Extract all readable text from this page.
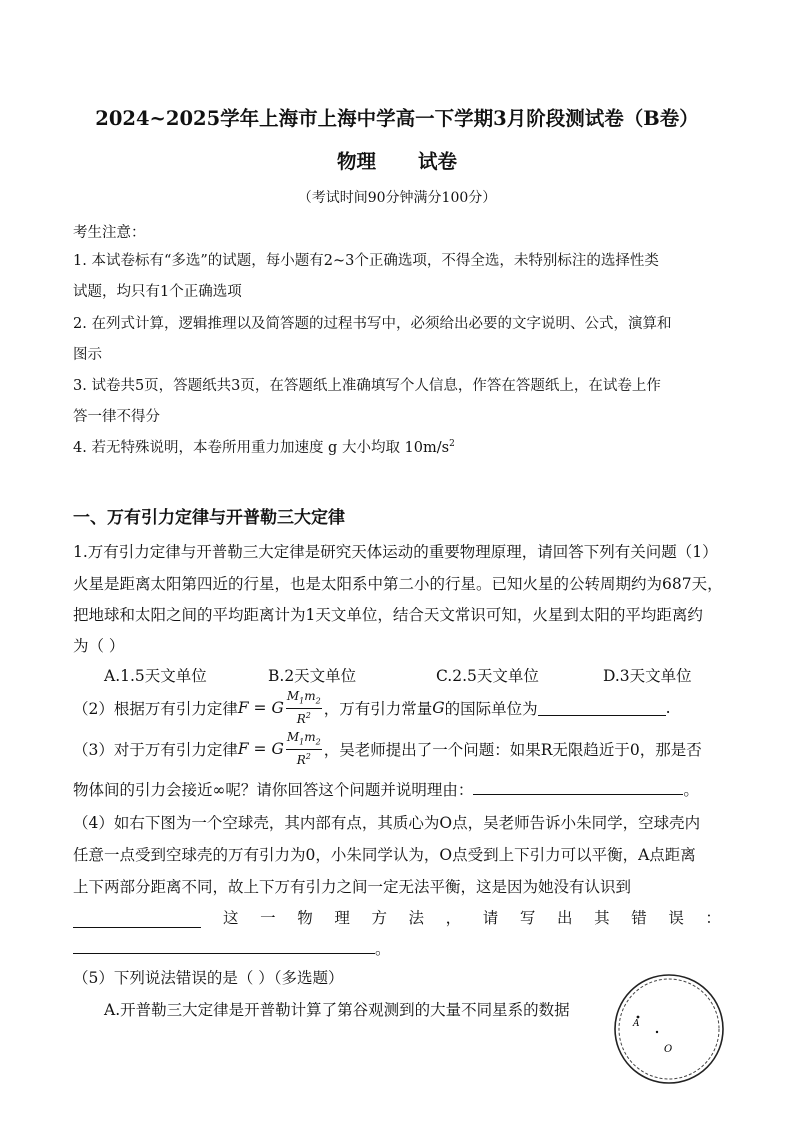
2024~2025学年上海市上海中学高一下学期3月阶段测试卷（B卷）
物理 试卷
（考试时间90分钟满分100分）
考生注意：
1. 本试卷标有“多选”的试题，每小题有2~3个正确选项，不得全选，未特别标注的选择性类
试题，均只有1个正确选项
2. 在列式计算，逻辑推理以及简答题的过程书写中，必须给出必要的文字说明、公式，演算和
图示
3. 试卷共5页，答题纸共3页，在答题纸上准确填写个人信息，作答在答题纸上，在试卷上作
答一律不得分
4. 若无特殊说明，本卷所用重力加速度 g 大小均取 $10m/s^2$
一、万有引力定律与开普勒三大定律
1.万有引力定律与开普勒三大定律是研究天体运动的重要物理原理，请回答下列有关问题（1）
火星是距离太阳第四近的行星，也是太阳系中第二小的行星。已知火星的公转周期约为687天，
把地球和太阳之间的平均距离计为1天文单位，结合天文常识可知，火星到太阳的平均距离约
为（ ）
A.1.5天文单位	B.2天文单位	C.2.5天文单位	D.3天文单位
（2）根据万有引力定律 F = G $\frac{M_1m_2}{R^2}$ ，万有引力常量 G 的国际单位为	.
（3）对于万有引力定律 F = G $\frac{M_1m_2}{R^2}$ ，吴老师提出了一个问题：如果R无限趋近于0，那是否
物体间的引力会接近∞呢？请你回答这个问题并说明理由：	。
（4）如右下图为一个空球壳，其内部有点，其质心为O点，吴老师告诉小朱同学，空球壳内
任意一点受到空球壳的万有引力为0，小朱同学认为，O点受到上下引力可以平衡，A点距离
上下两部分距离不同，故上下万有引力之间一定无法平衡，这是因为她没有认识到
这 一 物 理 方 法 ， 请 写 出 其 错 误 ：
。
（5）下列说法错误的是（ ）（多选题）
A.开普勒三大定律是开普勒计算了第谷观测到的大量不同星系的数据
A
O
